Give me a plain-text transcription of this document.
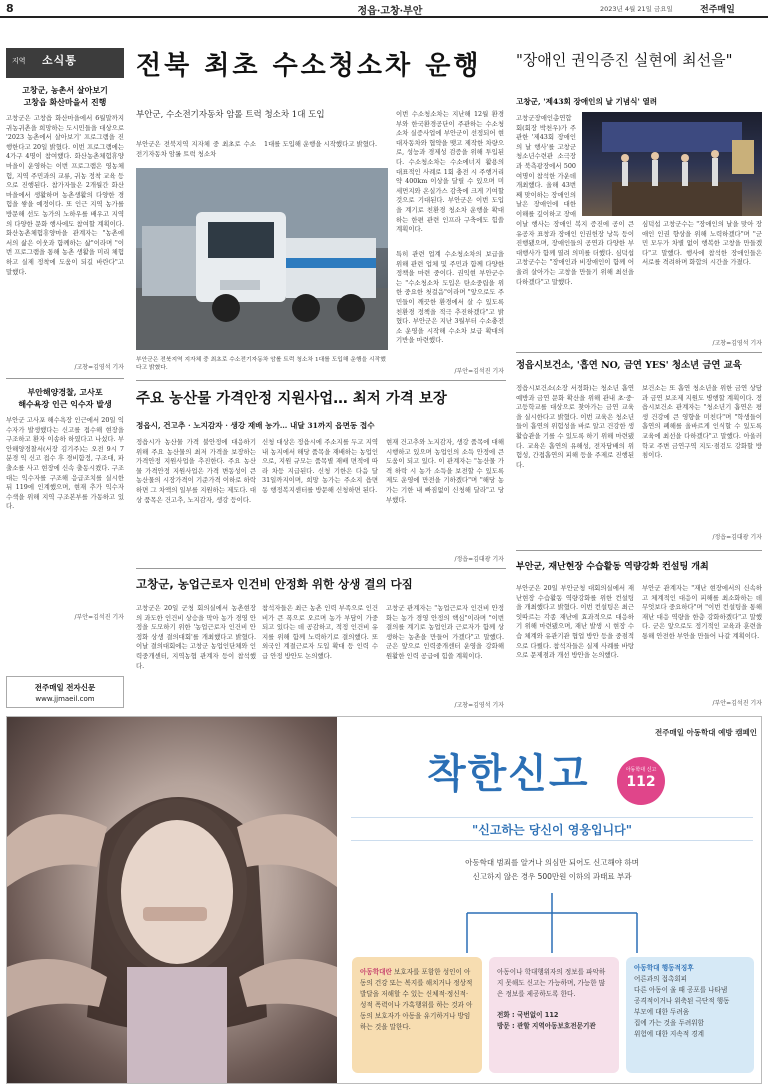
8	정읍·고창·부안	2023년 4월 21일 금요일	전주매일
지역 소식통
고창군, 농촌서 살아보기
고창읍 화산마을서 진행
고창군은 고창읍 화산마을에서 6월말까지 귀농귀촌을 희망하는 도시민들을 대상으로 '2023 농촌에서 살아보기' 프로그램을 진행한다고 20일 밝혔다. 이번 프로그램에는 4가구 4명이 참여했다. 화산농촌체험휴양마을이 운영하는 이번 프로그램은 영농체험, 지역 주민과의 교류, 귀농 정착 교육 등으로 진행된다. 참가자들은 2개월간 화산마을에서 생활하며 농촌생활의 다양한 경험을 쌓을 예정이다. 또 인근 지역 농가를 방문해 선도 농가의 노하우를 배우고 지역의 다양한 문화 행사에도 참여할 계획이다. 화산농촌체험휴양마을 관계자는 "농촌에서의 삶은 이웃과 함께하는 삶"이라며 "이번 프로그램을 통해 농촌 생활을 미리 체험하고 실제 정착에 도움이 되길 바란다"고 말했다.
/고창=김영석 기자
부안해양경찰, 고사포
해수욕장 인근 익수자 발생
부안군 고사포 해수욕장 인근에서 20일 익수자가 발생했다는 신고를 접수해 현장을 구조하고 환자 이송하 하였다고 나섰다. 부안해양경찰서(서장 김기주)는 오전 9시 7분경 익 신고 접수 후 경비함정, 구조대, 파출소를 사고 현장에 신속 출동시켰다. 구조대는 익수자를 구조해 응급조치를 실시한 뒤 119에 인계했으며, 현재 추가 익수자 수색을 위해 지역 구조본부를 가동하고 있다.
/부안=김석진 기자
전주매일 전자신문
www.jjmaeil.com
전북 최초 수소청소차 운행
부안군, 수소전기자동차 암롤 트럭 청소차 1대 도입
부안군은 전북지역 지자체 중 최초로 수소전기자동차 암롤 트럭 청소차
1대를 도입해 운행을 시작했다고 밝혔다.
부안군은 전북지역 지자체 중 최초로 수소전기자동차 암롤 트럭 청소차 1대를 도입해 운행을 시작했다고 밝혔다.
이번 수소청소차는 지난해 12월 환경부와 한국환경공단이 주관하는 수소청소차 실증사업에 부안군이 선정되어 현대자동차와 협약을 맺고 제작한 차량으로, 성능과 경제성 검증을 위해 투입된다. 수소청소차는 수소에너지 활용의 대표적인 사례로 1회 충전 시 주행거리 약 400km 이상을 달릴 수 있으며 미세먼지와 온실가스 감축에 크게 기여할 것으로 기대된다. 부안군은 이번 도입을 계기로 친환경 청소차 운행을 확대하는 한편 관련 인프라 구축에도 힘쓸 계획이다.
특히 관련 업계 수소청소차의 보급을 위해 관련 업체 및 주민과 함께 다양한 정책을 마련 중이다. 권익현 부안군수는 "수소청소차 도입은 탄소중립을 위한 중요한 첫걸음"이라며 "앞으로도 주민들이 깨끗한 환경에서 살 수 있도록 친환경 정책을 적극 추진하겠다"고 밝혔다. 부안군은 지난 3월부터 수소충전소 운영을 시작해 수소차 보급 확대의 기반을 마련했다.
/부안=김석진 기자
주요 농산물 가격안정 지원사업… 최저 가격 보장
정읍시, 건고추 · 노지감자 · 생강 재배 농가… 내달 31까지 읍면동 접수
정읍시가 농산물 가격 불안정에 대응하기 위해 주요 농산물의 최저 가격을 보장하는 가격안정 지원사업을 추진한다. 주요 농산물 가격안정 지원사업은 가격 변동성이 큰 농산물의 시장가격이 기준가격 이하로 하락하면 그 차액의 일부를 지원하는 제도다. 대상 품목은 건고추, 노지감자, 생강 등이다.
신청 대상은 정읍시에 주소지를 두고 지역 내 농지에서 해당 품목을 재배하는 농업인으로, 지원 규모는 품목별 재배 면적에 따라 차등 지급된다. 신청 기한은 다음 달 31일까지이며, 희망 농가는 주소지 읍면동 행정복지센터를 방문해 신청하면 된다.
현재 건고추와 노지감자, 생강 품목에 대해 시행하고 있으며 농업인의 소득 안정에 큰 도움이 되고 있다. 이 관계자는 "농산물 가격 하락 시 농가 소득을 보전할 수 있도록 제도 운영에 만전을 기하겠다"며 "해당 농가는 기한 내 빠짐없이 신청해 달라"고 당부했다.
/정읍=김대광 기자
고창군, 농업근로자 인건비 안정화 위한 상생 결의 다짐
고창군은 20일 군청 회의실에서 농촌현장의 과도한 인건비 상승을 막아 농가 경영 안정을 도모하기 위한 '농업근로자 인건비 안정화 상생 결의대회'를 개최했다고 밝혔다. 이날 결의대회에는 고창군 농업인단체와 인력중개센터, 지역농협 관계자 등이 참석했다.
참석자들은 최근 농촌 인력 부족으로 인건비가 큰 폭으로 오르며 농가 부담이 가중되고 있다는 데 공감하고, 적정 인건비 유지를 위해 함께 노력하기로 결의했다. 또 외국인 계절근로자 도입 확대 등 인력 수급 안정 방안도 논의했다.
고창군 관계자는 "농업근로자 인건비 안정화는 농가 경영 안정의 핵심"이라며 "이번 결의를 계기로 농업인과 근로자가 함께 상생하는 농촌을 만들어 가겠다"고 말했다. 군은 앞으로 인력중개센터 운영을 강화해 원활한 인력 공급에 힘쓸 계획이다.
/고창=김영석 기자
"장애인 권익증진 실현에 최선을"
고창군, '제43회 장애인의 날 기념식' 열려
고창군장애인총연합회(회장 박천우)가 주관한 '제43회 장애인의 날 행사'를 고창군 청소년수련관 소극장과 북측광장에서 500여명이 참석한 가운데 개최했다. 올해 43번째 맞이하는 장애인의 날은 장애인에 대한 이해를 깊이하고 장애
이날 행사는 장애인 복지 증진에 공이 큰 유공자 표창과 장애인 인권헌장 낭독 등이 진행됐으며, 장애인들의 공연과 다양한 부대행사가 함께 열려 의미를 더했다. 심덕섭 고창군수는 "장애인과 비장애인이 함께 어울려 살아가는 고창을 만들기 위해 최선을 다하겠다"고 말했다.
심덕섭 고창군수는 "장애인의 날을 맞아 장애인 인권 향상을 위해 노력하겠다"며 "군민 모두가 차별 없이 행복한 고창을 만들겠다"고 말했다. 행사에 참석한 장애인들은 서로를 격려하며 화합의 시간을 가졌다.
/고창=김영석 기자
정읍시보건소, '흡연 NO, 금연 YES' 청소년 금연 교육
정읍시보건소(소장 서정화)는 청소년 흡연 예방과 금연 문화 확산을 위해 관내 초·중·고등학교를 대상으로 찾아가는 금연 교육을 실시한다고 밝혔다. 이번 교육은 청소년들이 흡연의 위험성을 바로 알고 건강한 생활습관을 기를 수 있도록 하기 위해 마련됐다. 교육은 흡연의 유해성, 전자담배의 위험성, 간접흡연의 피해 등을 주제로 진행된다.
보건소는 또 흡연 청소년을 위한 금연 상담과 금연 보조제 지원도 병행할 계획이다. 정읍시보건소 관계자는 "청소년기 흡연은 평생 건강에 큰 영향을 미친다"며 "학생들이 흡연의 폐해를 올바르게 인식할 수 있도록 교육에 최선을 다하겠다"고 말했다. 아울러 학교 주변 금연구역 지도·점검도 강화할 방침이다.
/정읍=김대광 기자
부안군, 재난현장 수습활동 역량강화 컨설팅 개최
부안군은 20일 부안군청 대회의실에서 재난현장 수습활동 역량강화를 위한 컨설팅을 개최했다고 밝혔다. 이번 컨설팅은 최근 잇따르는 각종 재난에 효과적으로 대응하기 위해 마련됐으며, 재난 발생 시 현장 수습 체계와 유관기관 협업 방안 등을 중점적으로 다뤘다. 참석자들은 실제 사례를 바탕으로 문제점과 개선 방안을 논의했다.
부안군 관계자는 "재난 현장에서의 신속하고 체계적인 대응이 피해를 최소화하는 데 무엇보다 중요하다"며 "이번 컨설팅을 통해 재난 대응 역량을 한층 강화하겠다"고 말했다. 군은 앞으로도 정기적인 교육과 훈련을 통해 안전한 부안을 만들어 나갈 계획이다.
/부안=김석진 기자
전주매일 아동학대 예방 캠페인
착한신고	아동학대 신고
112
"신고하는 당신이 영웅입니다"
아동학대 범죄를 알거나 의심만 되어도 신고해야 하며
신고하지 않은 경우 500만원 이하의 과태료 부과
아동학대란 보호자를 포함한 성인이 아동의 건강 또는 복지를 해치거나 정상적 발달을 저해할 수 있는 신체적·정신적·성적 폭력이나 가혹행위를 하는 것과 아동의 보호자가 아동을 유기하거나 방임하는 것을 말한다.
아동이나 학대행위자의 정보를 파악하지 못해도 신고는 가능하며, 가능한 많은 정보를 제공하도록 한다.
전화 : 국번없이 112
방문 : 관할 지역아동보호전문기관
아동학대 행동적징후
어른과의 접촉회피
다른 아동이 울 때 공포를 나타냄
공격적이거나 위축된 극단적 행동
부모에 대한 두려움
집에 가는 것을 두려워함
위험에 대한 지속적 경계
